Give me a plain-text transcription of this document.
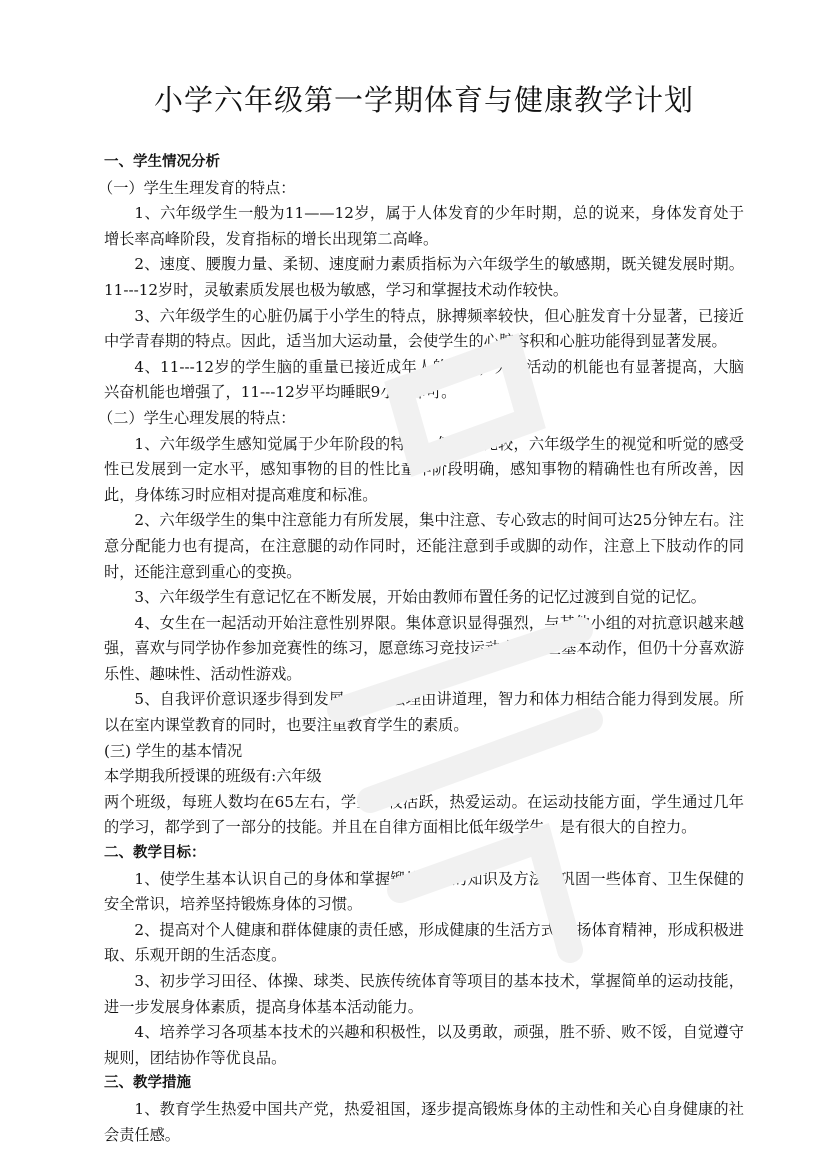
小学六年级第一学期体育与健康教学计划

一、学生情况分析

（一）学生生理发育的特点：

1、六年级学生一般为11——12岁，属于人体发育的少年时期，总的说来，身体发育处于增长率高峰阶段，发育指标的增长出现第二高峰。

2、速度、腰腹力量、柔韧、速度耐力素质指标为六年级学生的敏感期，既关键发展时期。11---12岁时，灵敏素质发展也极为敏感，学习和掌握技术动作较快。

3、六年级学生的心脏仍属于小学生的特点，脉搏频率较快，但心脏发育十分显著，已接近中学青春期的特点。因此，适当加大运动量，会使学生的心脏容积和心脏功能得到显著发展。

4、11---12岁的学生脑的重量已接近成年人的水平，大脑活动的机能也有显著提高，大脑兴奋机能也增强了，11---12岁平均睡眠9小时即可。

（二）学生心理发展的特点：

1、六年级学生感知觉属于少年阶段的特点，但相对比较，六年级学生的视觉和听觉的感受性已发展到一定水平，感知事物的目的性比童年阶段明确，感知事物的精确性也有所改善，因此，身体练习时应相对提高难度和标准。

2、六年级学生的集中注意能力有所发展，集中注意、专心致志的时间可达25分钟左右。注意分配能力也有提高，在注意腿的动作同时，还能注意到手或脚的动作，注意上下肢动作的同时，还能注意到重心的变换。

3、六年级学生有意记忆在不断发展，开始由教师布置任务的记忆过渡到自觉的记忆。

4、女生在一起活动开始注意性别界限。集体意识显得强烈，与其他小组的对抗意识越来越强，喜欢与同学协作参加竞赛性的练习，愿意练习竞技运动中的一些基本动作，但仍十分喜欢游乐性、趣味性、活动性游戏。

5、自我评价意识逐步得到发展，愿意摆理由讲道理，智力和体力相结合能力得到发展。所以在室内课堂教育的同时，也要注重教育学生的素质。

(三) 学生的基本情况

本学期我所授课的班级有:六年级

两个班级，每班人数均在65左右，学生比较活跃，热爱运动。在运动技能方面，学生通过几年的学习，都学到了一部分的技能。并且在自律方面相比低年级学生，是有很大的自控力。

二、教学目标：

1、使学生基本认识自己的身体和掌握锻炼身体的知识及方法，巩固一些体育、卫生保健的安全常识，培养坚持锻炼身体的习惯。

2、提高对个人健康和群体健康的责任感，形成健康的生活方式,发扬体育精神，形成积极进取、乐观开朗的生活态度。

3、初步学习田径、体操、球类、民族传统体育等项目的基本技术，掌握简单的运动技能，进一步发展身体素质，提高身体基本活动能力。

4、培养学习各项基本技术的兴趣和积极性，以及勇敢，顽强，胜不骄、败不馁，自觉遵守规则，团结协作等优良品。

三、教学措施

1、教育学生热爱中国共产党，热爱祖国，逐步提高锻炼身体的主动性和关心自身健康的社会责任感。
